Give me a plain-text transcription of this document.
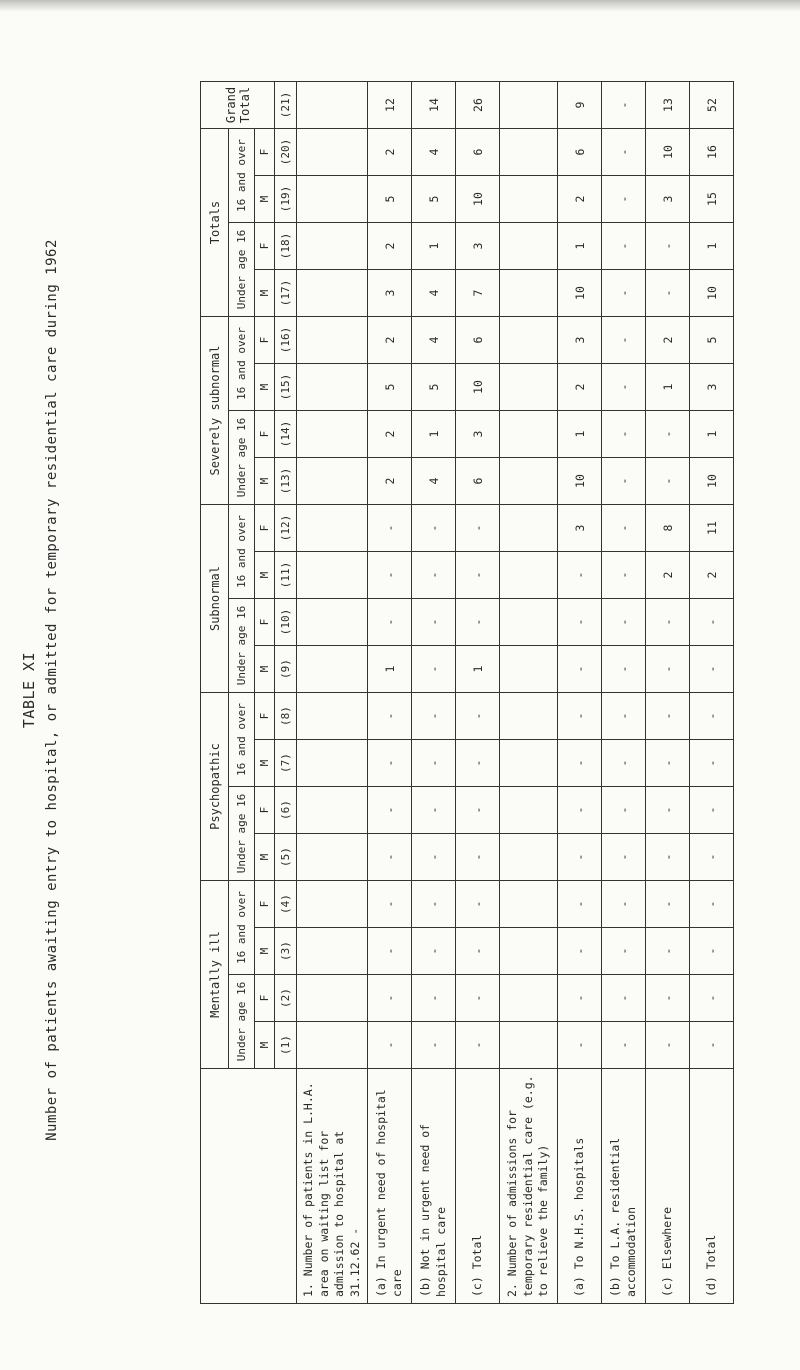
TABLE XI Number of patients awaiting entry to hospital, or admitted for temporary residential care during 1962
		Mentally ill				Psychopathic				Subnormal				Severely subnormal				Totals				Grand Total
	Under age 16		16 and over		Under age 16		16 and over		Under age 16		16 and over		Under age 16		16 and over		Under age 16		16 and over		
	M	F	M	F	M	F	M	F	M	F	M	F	M	F	M	F	M	F	M	F	
	(1)	(2)	(3)	(4)	(5)	(6)	(7)	(8)	(9)	(10)	(11)	(12)	(13)	(14)	(15)	(16)	(17)	(18)	(19)	(20)	(21)
1. Number of patients in L.H.A. area on waiting list for admission to hospital at 31.12.62 -																					
(a) In urgent need of hospital care	-	-	-	-	-	-	-	-	1	-	-	-	2	2	5	2	3	2	5	2	12
(b) Not in urgent need of hospital care	-	-	-	-	-	-	-	-	-	-	-	-	4	1	5	4	4	1	5	4	14
(c) Total	-	-	-	-	-	-	-	-	1	-	-	-	6	3	10	6	7	3	10	6	26
2. Number of admissions for temporary residential care (e.g. to relieve the family)																					
(a) To N.H.S. hospitals	-	-	-	-	-	-	-	-	-	-	-	3	10	1	2	3	10	1	2	6	9
(b) To L.A. residential accommodation	-	-	-	-	-	-	-	-	-	-	-	-	-	-	-	-	-	-	-	-	-
(c) Elsewhere	-	-	-	-	-	-	-	-	-	-	2	8	-	-	1	2	-	-	3	10	13
(d) Total	-	-	-	-	-	-	-	-	-	-	2	11	10	1	3	5	10	1	15	16	52
